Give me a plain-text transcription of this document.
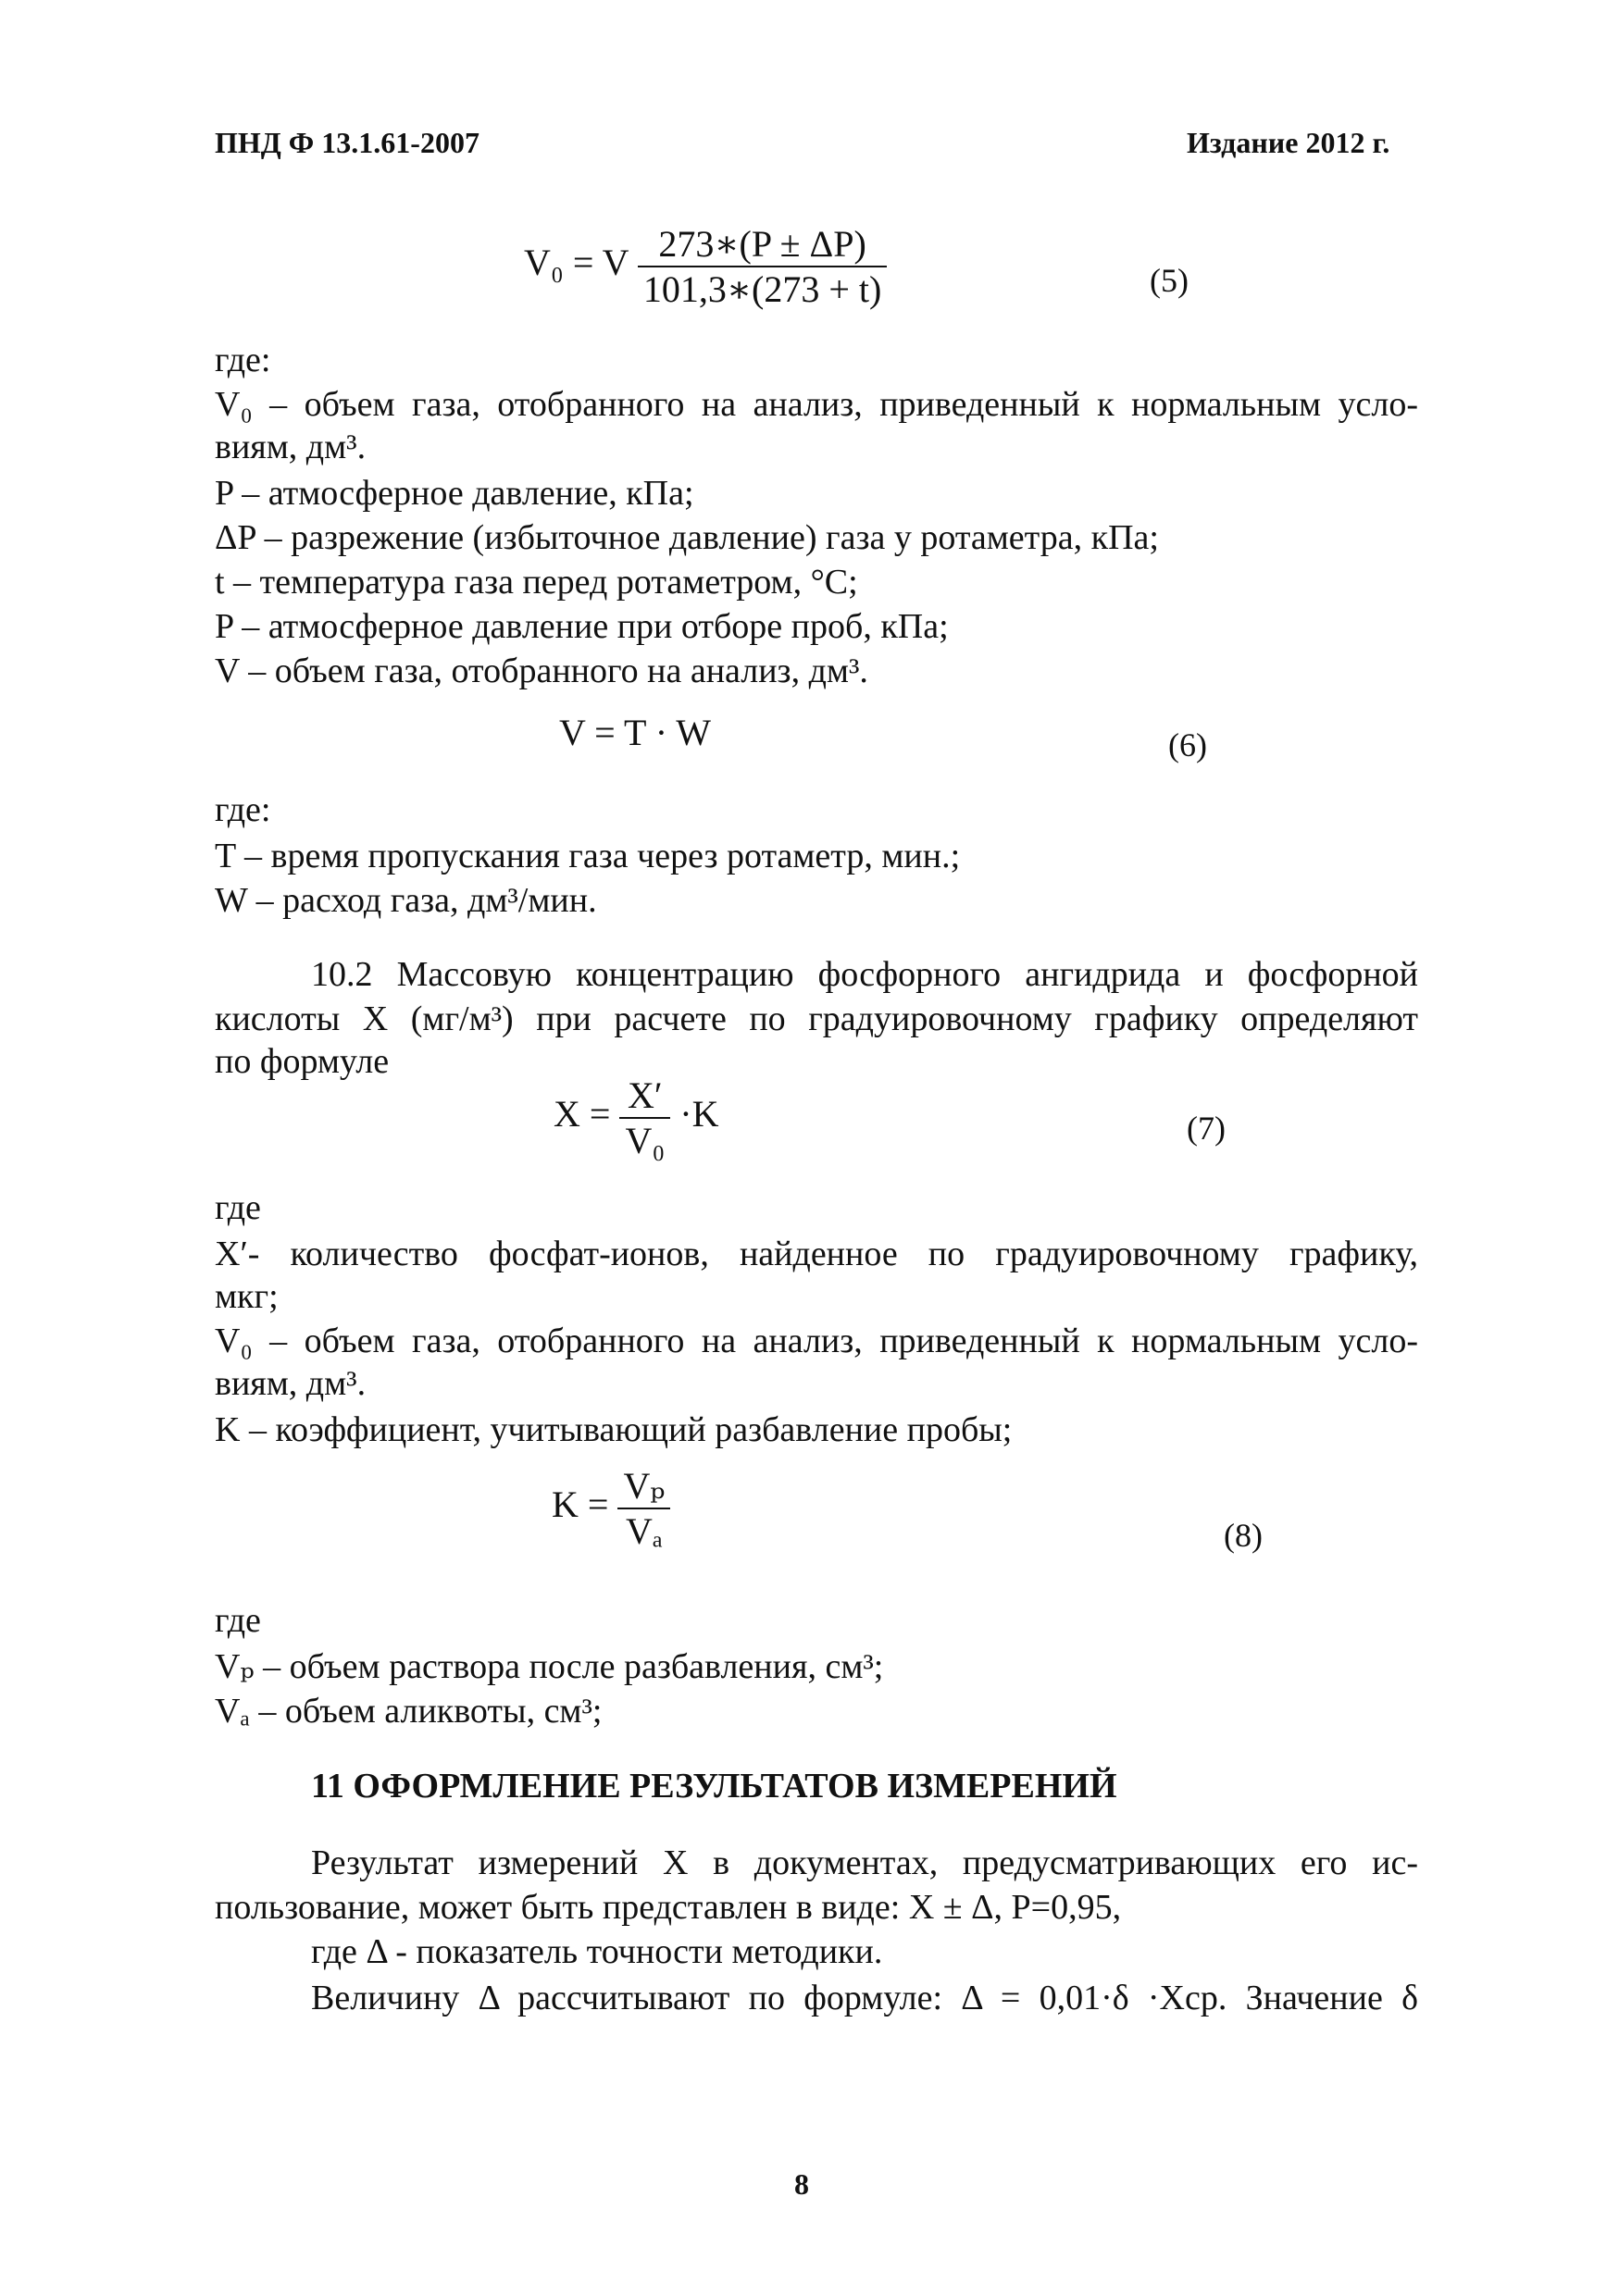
ПНД Ф 13.1.61-2007	Издание 2012 г.
V₀ = V $\frac{273∗(P \pm \Delta P)}{101,3∗(273 + t)}$	(5)
где:
V₀ – объем газа, отобранного на анализ, приведенный к нормальным усло-
виям, дм³.
P – атмосферное давление, кПа;
ΔP – разрежение (избыточное давление) газа у ротаметра, кПа;
t – температура газа перед ротаметром, °С;
P – атмосферное давление при отборе проб, кПа;
V – объем газа, отобранного на анализ, дм³.
V = T · W	(6)
где:
T – время пропускания газа через ротаметр, мин.;
W – расход газа, дм³/мин.
10.2 Массовую концентрацию фосфорного ангидрида и фосфорной
кислоты X (мг/м³) при расчете по градуировочному графику определяют
по формуле
$X = \frac{X'}{\text{V₀}} \cdot K$	(7)
где
X′- количество фосфат-ионов, найденное по градуировочному графику,
мкг;
V₀ – объем газа, отобранного на анализ, приведенный к нормальным усло-
виям, дм³.
K – коэффициент, учитывающий разбавление пробы;
$K = \frac{\text{Vₚ}}{\text{Vₐ}}$	(8)
где
Vₚ – объем раствора после разбавления, см³;
Vₐ – объем аликвоты, см³;
11 ОФОРМЛЕНИЕ РЕЗУЛЬТАТОВ ИЗМЕРЕНИЙ
Результат измерений X в документах, предусматривающих его ис-
пользование, может быть представлен в виде: X ± Δ, P=0,95,
где Δ - показатель точности методики.
Величину Δ рассчитывают по формуле: Δ = 0,01·δ ·Xср. Значение δ
8
